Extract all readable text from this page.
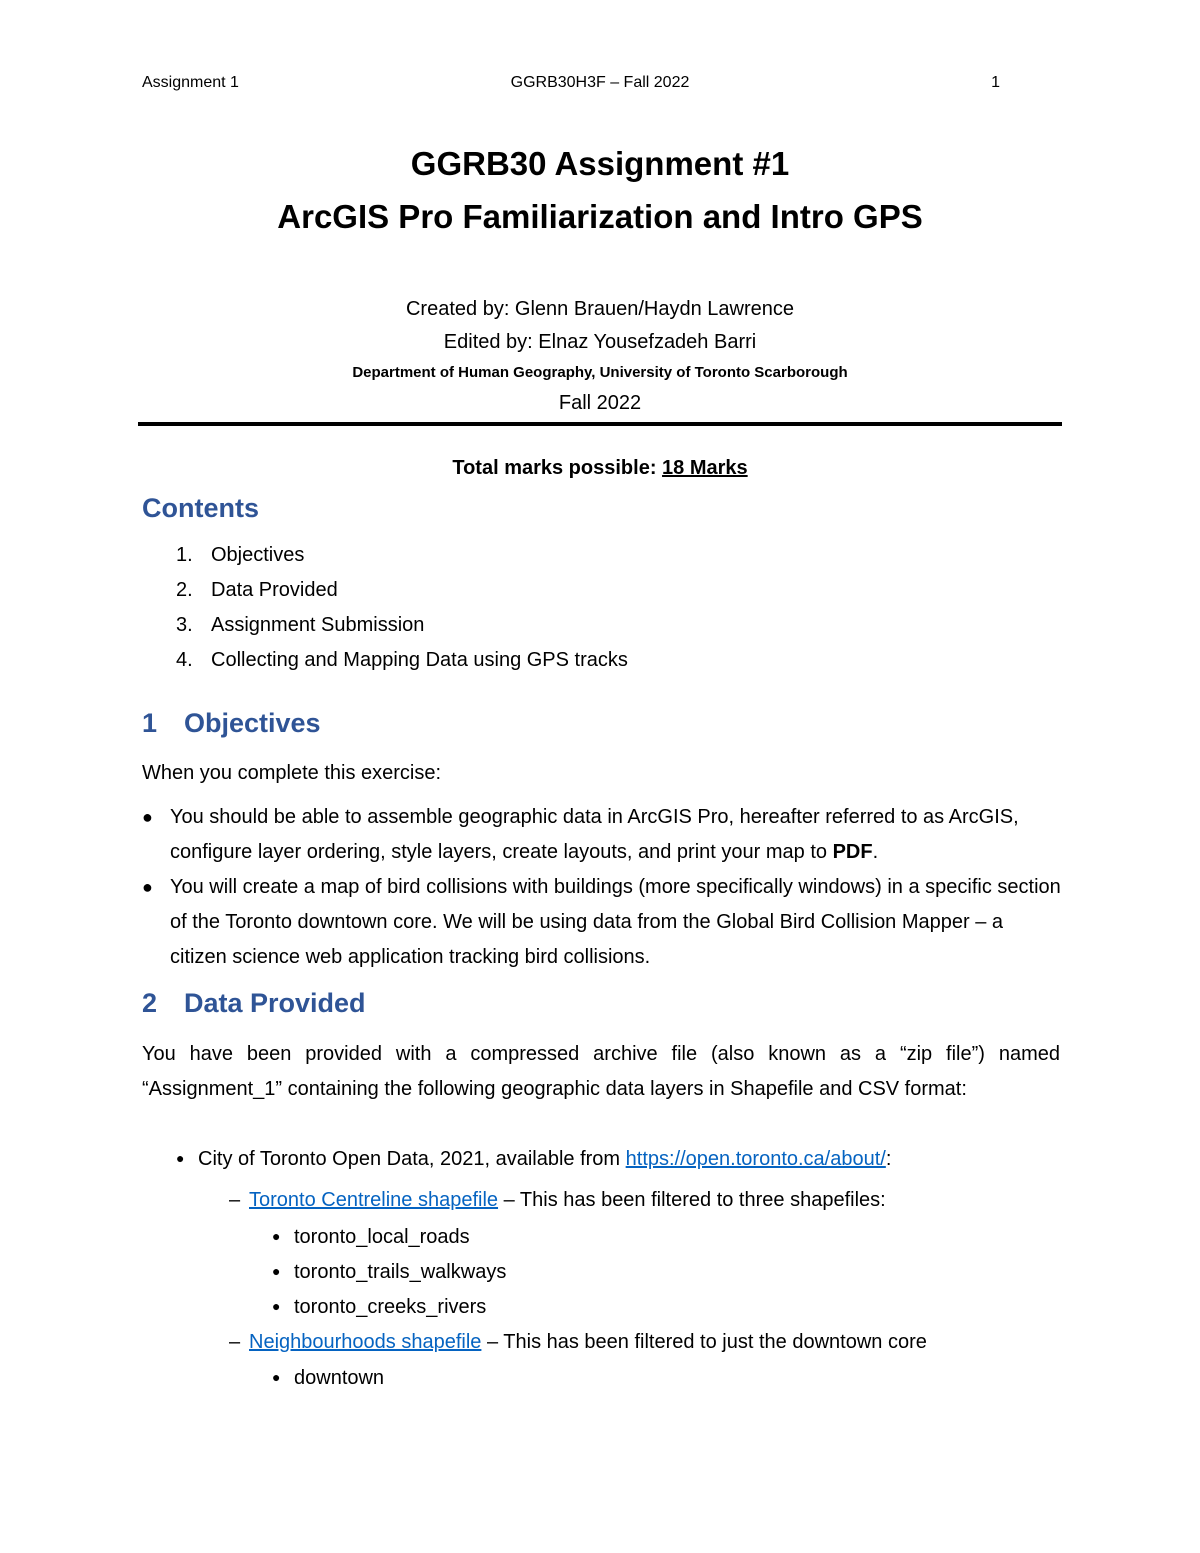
Assignment 1	GGRB30H3F – Fall 2022	1
GGRB30 Assignment #1
ArcGIS Pro Familiarization and Intro GPS
Created by: Glenn Brauen/Haydn Lawrence
Edited by: Elnaz Yousefzadeh Barri
Department of Human Geography, University of Toronto Scarborough
Fall 2022
Total marks possible: 18 Marks
Contents
1. Objectives
2. Data Provided
3. Assignment Submission
4. Collecting and Mapping Data using GPS tracks
1 Objectives
When you complete this exercise:
● You should be able to assemble geographic data in ArcGIS Pro, hereafter referred to as ArcGIS, configure layer ordering, style layers, create layouts, and print your map to PDF.
● You will create a map of bird collisions with buildings (more specifically windows) in a specific section of the Toronto downtown core. We will be using data from the Global Bird Collision Mapper – a citizen science web application tracking bird collisions.
2 Data Provided
You have been provided with a compressed archive file (also known as a “zip file”) named “Assignment_1” containing the following geographic data layers in Shapefile and CSV format:
● City of Toronto Open Data, 2021, available from https://open.toronto.ca/about/:
– Toronto Centreline shapefile – This has been filtered to three shapefiles:
● toronto_local_roads
● toronto_trails_walkways
● toronto_creeks_rivers
– Neighbourhoods shapefile – This has been filtered to just the downtown core
● downtown
